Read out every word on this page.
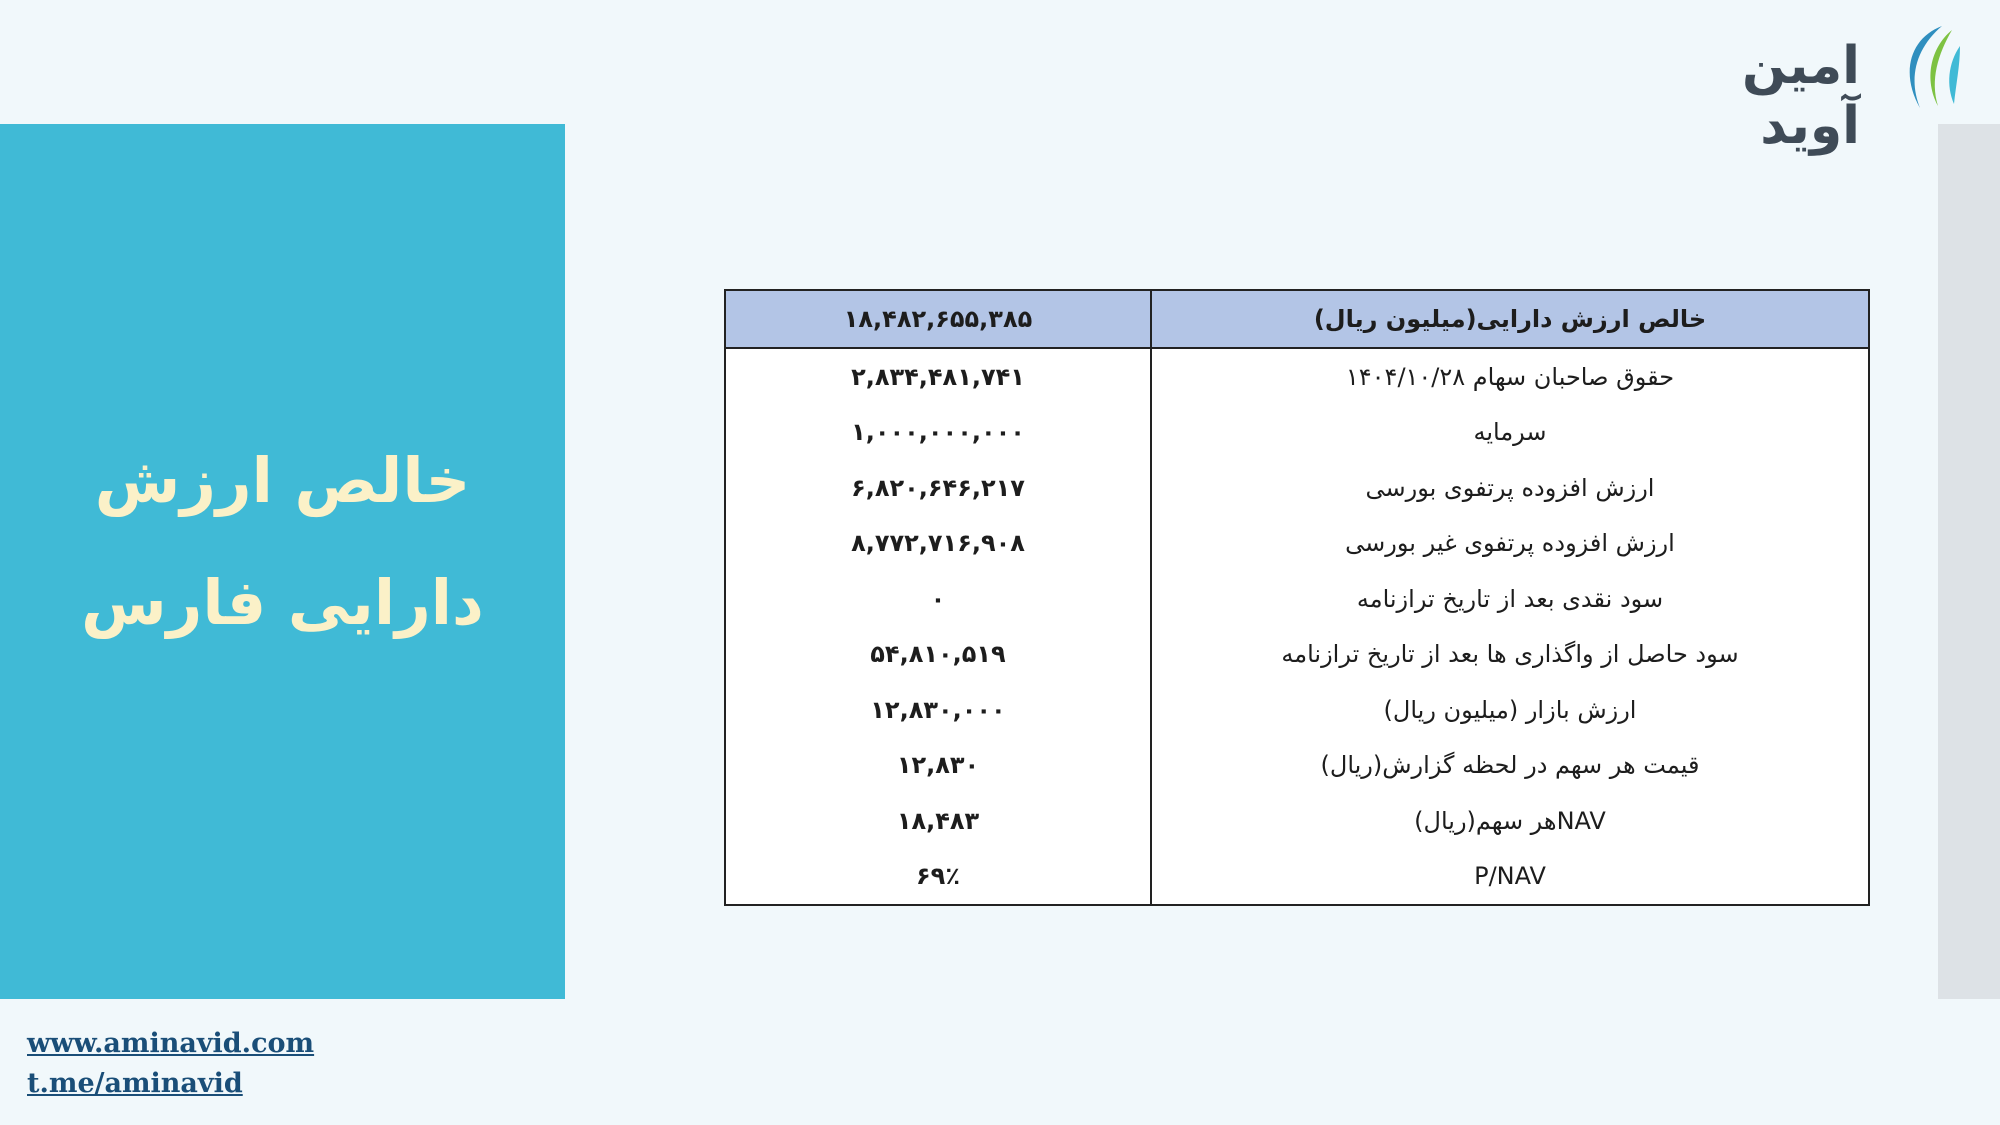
خالص ارزش
دارایی فارس
امین آوید
خالص ارزش دارایی(میلیون ریال)	۱۸,۴۸۲,۶۵۵,۳۸۵
حقوق صاحبان سهام ۱۴۰۴/۱۰/۲۸	۲,۸۳۴,۴۸۱,۷۴۱
سرمایه	۱,۰۰۰,۰۰۰,۰۰۰
ارزش افزوده پرتفوی بورسی	۶,۸۲۰,۶۴۶,۲۱۷
ارزش افزوده پرتفوی غیر بورسی	۸,۷۷۲,۷۱۶,۹۰۸
سود نقدی بعد از تاریخ ترازنامه	۰
سود حاصل از واگذاری ها بعد از تاریخ ترازنامه	۵۴,۸۱۰,۵۱۹
ارزش بازار (میلیون ریال)	۱۲,۸۳۰,۰۰۰
قیمت هر سهم در لحظه گزارش(ریال)	۱۲,۸۳۰
NAVهر سهم(ریال)	۱۸,۴۸۳
P/NAV	۶۹٪
www.aminavid.com
t.me/aminavid
